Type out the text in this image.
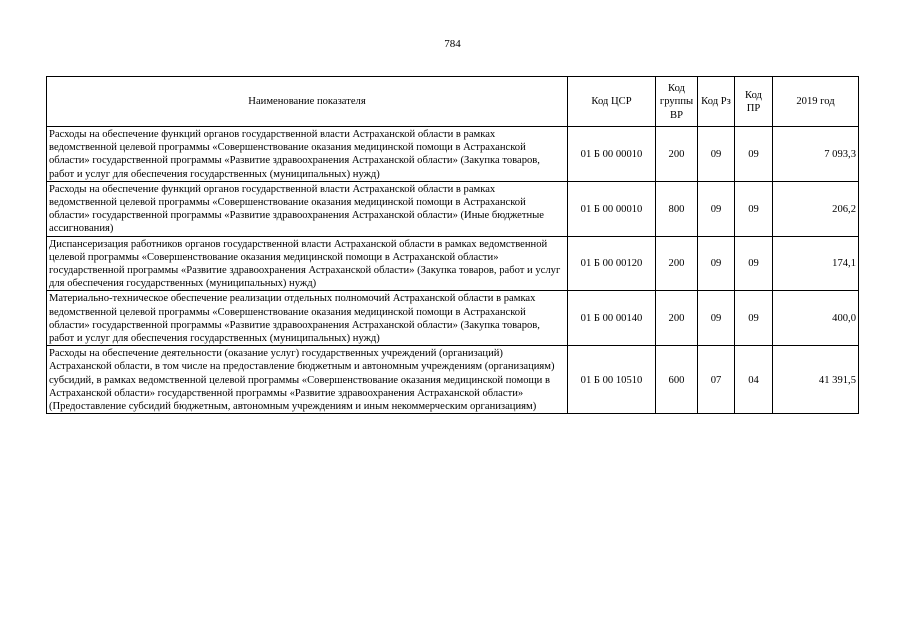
784
Наименование показателя	Код ЦСР	Код группы ВР	Код Рз	Код ПР	2019 год
Расходы на обеспечение функций органов государственной власти Астраханской области в рамках ведомственной целевой программы «Совершенствование оказания медицинской помощи в Астраханской области» государственной программы «Развитие здравоохранения Астраханской области» (Закупка товаров, работ и услуг для обеспечения государственных (муниципальных) нужд)	01 Б 00 00010	200	09	09	7 093,3
Расходы на обеспечение функций органов государственной власти Астраханской области в рамках ведомственной целевой программы «Совершенствование оказания медицинской помощи в Астраханской области» государственной программы «Развитие здравоохранения Астраханской области» (Иные бюджетные ассигнования)	01 Б 00 00010	800	09	09	206,2
Диспансеризация работников органов государственной власти Астраханской области в рамках ведомственной целевой программы «Совершенствование оказания медицинской помощи в Астраханской области» государственной программы «Развитие здравоохранения Астраханской области» (Закупка товаров, работ и услуг для обеспечения государственных (муниципальных) нужд)	01 Б 00 00120	200	09	09	174,1
Материально-техническое обеспечение реализации отдельных полномочий Астраханской области в рамках ведомственной целевой программы «Совершенствование оказания медицинской помощи в Астраханской области» государственной программы «Развитие здравоохранения Астраханской области» (Закупка товаров, работ и услуг для обеспечения государственных (муниципальных) нужд)	01 Б 00 00140	200	09	09	400,0
Расходы на обеспечение деятельности (оказание услуг) государственных учреждений (организаций) Астраханской области, в том числе на предоставление бюджетным и автономным учреждениям (организациям) субсидий, в рамках ведомственной целевой программы «Совершенствование оказания медицинской помощи в Астраханской области» государственной программы «Развитие здравоохранения Астраханской области» (Предоставление субсидий бюджетным, автономным учреждениям и иным некоммерческим организациям)	01 Б 00 10510	600	07	04	41 391,5
